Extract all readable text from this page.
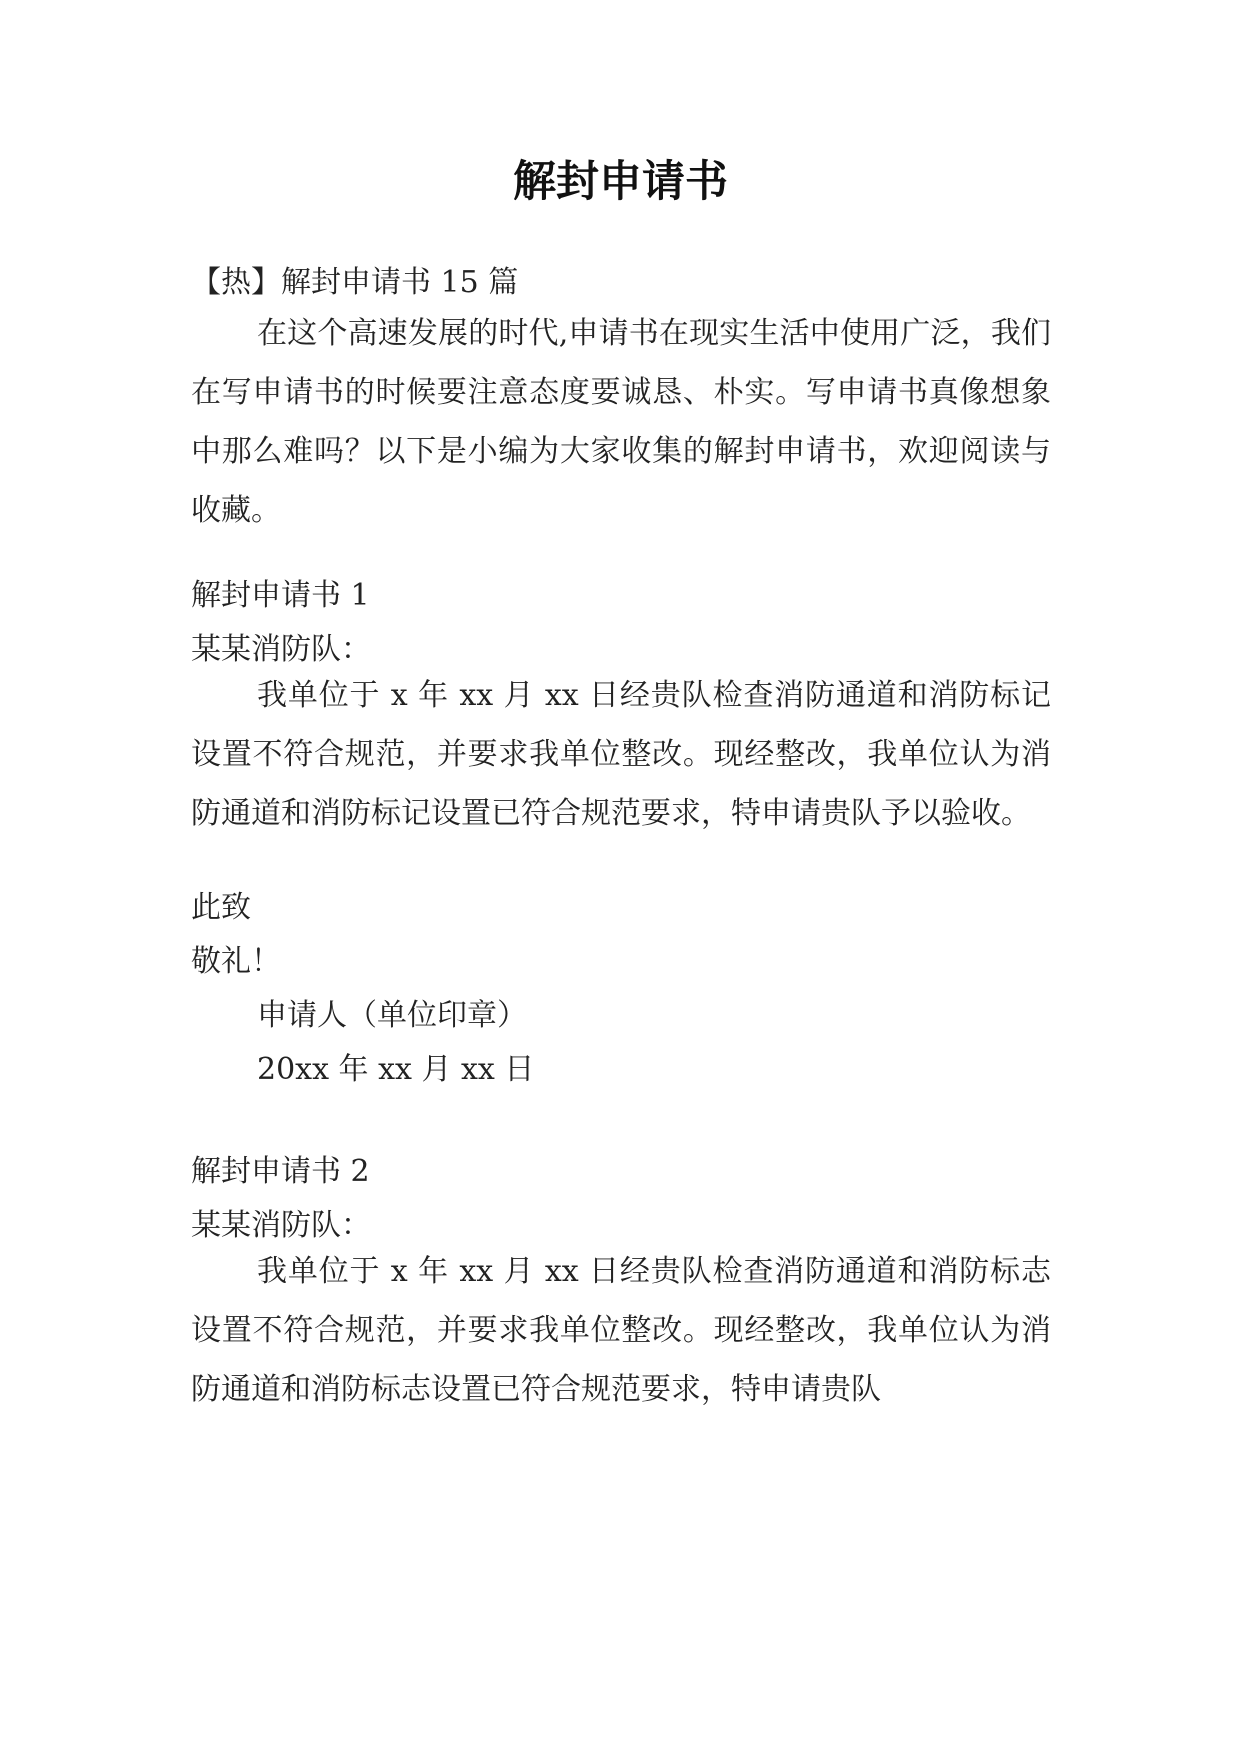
解封申请书

【热】解封申请书 15 篇

在这个高速发展的时代,申请书在现实生活中使用广泛，我们在写申请书的时候要注意态度要诚恳、朴实。写申请书真像想象中那么难吗？以下是小编为大家收集的解封申请书，欢迎阅读与收藏。

解封申请书 1

某某消防队：

我单位于 x 年 xx 月 xx 日经贵队检查消防通道和消防标记设置不符合规范，并要求我单位整改。现经整改，我单位认为消防通道和消防标记设置已符合规范要求，特申请贵队予以验收。

此致

敬礼！

申请人（单位印章）

20xx 年 xx 月 xx 日

解封申请书 2

某某消防队：

我单位于 x 年 xx 月 xx 日经贵队检查消防通道和消防标志设置不符合规范，并要求我单位整改。现经整改，我单位认为消防通道和消防标志设置已符合规范要求，特申请贵队
